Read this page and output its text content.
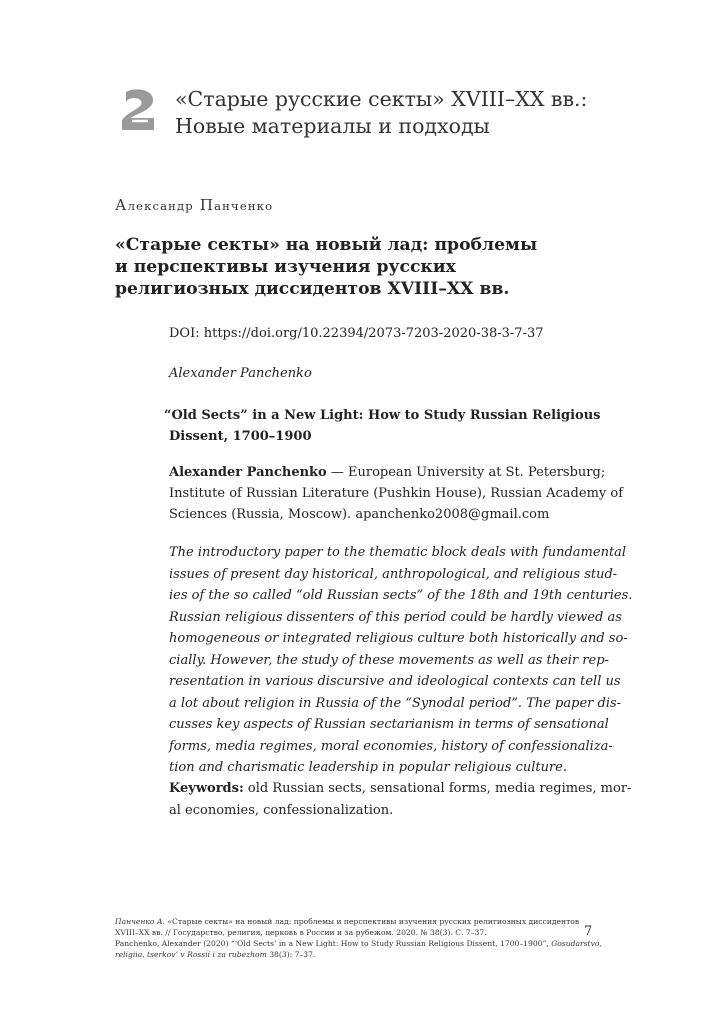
«Старые русские секты» XVIII–XX вв.:
Новые материалы и подходы
Александр Панченко
«Старые секты» на новый лад: проблемы
и перспективы изучения русских
религиозных диссидентов XVIII–XX вв.
DOI: https://doi.org/10.22394/2073-7203-2020-38-3-7-37
Alexander Panchenko
“Old Sects” in a New Light: How to Study Russian Religious
Dissent, 1700–1900
Alexander Panchenko — European University at St. Petersburg;
Institute of Russian Literature (Pushkin House), Russian Academy of
Sciences (Russia, Moscow). apanchenko2008@gmail.com
The introductory paper to the thematic block deals with fundamental
issues of present day historical, anthropological, and religious stud-
ies of the so called “old Russian sects” of the 18th and 19th centuries.
Russian religious dissenters of this period could be hardly viewed as
homogeneous or integrated religious culture both historically and so-
cially. However, the study of these movements as well as their rep-
resentation in various discursive and ideological contexts can tell us
a lot about religion in Russia of the “Synodal period”. The paper dis-
cusses key aspects of Russian sectarianism in terms of sensational
forms, media regimes, moral economies, history of confessionaliza-
tion and charismatic leadership in popular religious culture.
Keywords: old Russian sects, sensational forms, media regimes, mor-
al economies, confessionalization.
Панченко А. «Старые секты» на новый лад: проблемы и перспективы изучения русских религиозных диссидентов
XVIII–XX вв. // Государство, религия, церковь в России и за рубежом. 2020. № 38(3). С. 7–37.
Panchenko, Alexander (2020) “‘Old Sects’ in a New Light: How to Study Russian Religious Dissent, 1700–1900”, Gosudarstvo,
religiia, tserkov’ v Rossii i za rubezhom 38(3): 7–37.
7
